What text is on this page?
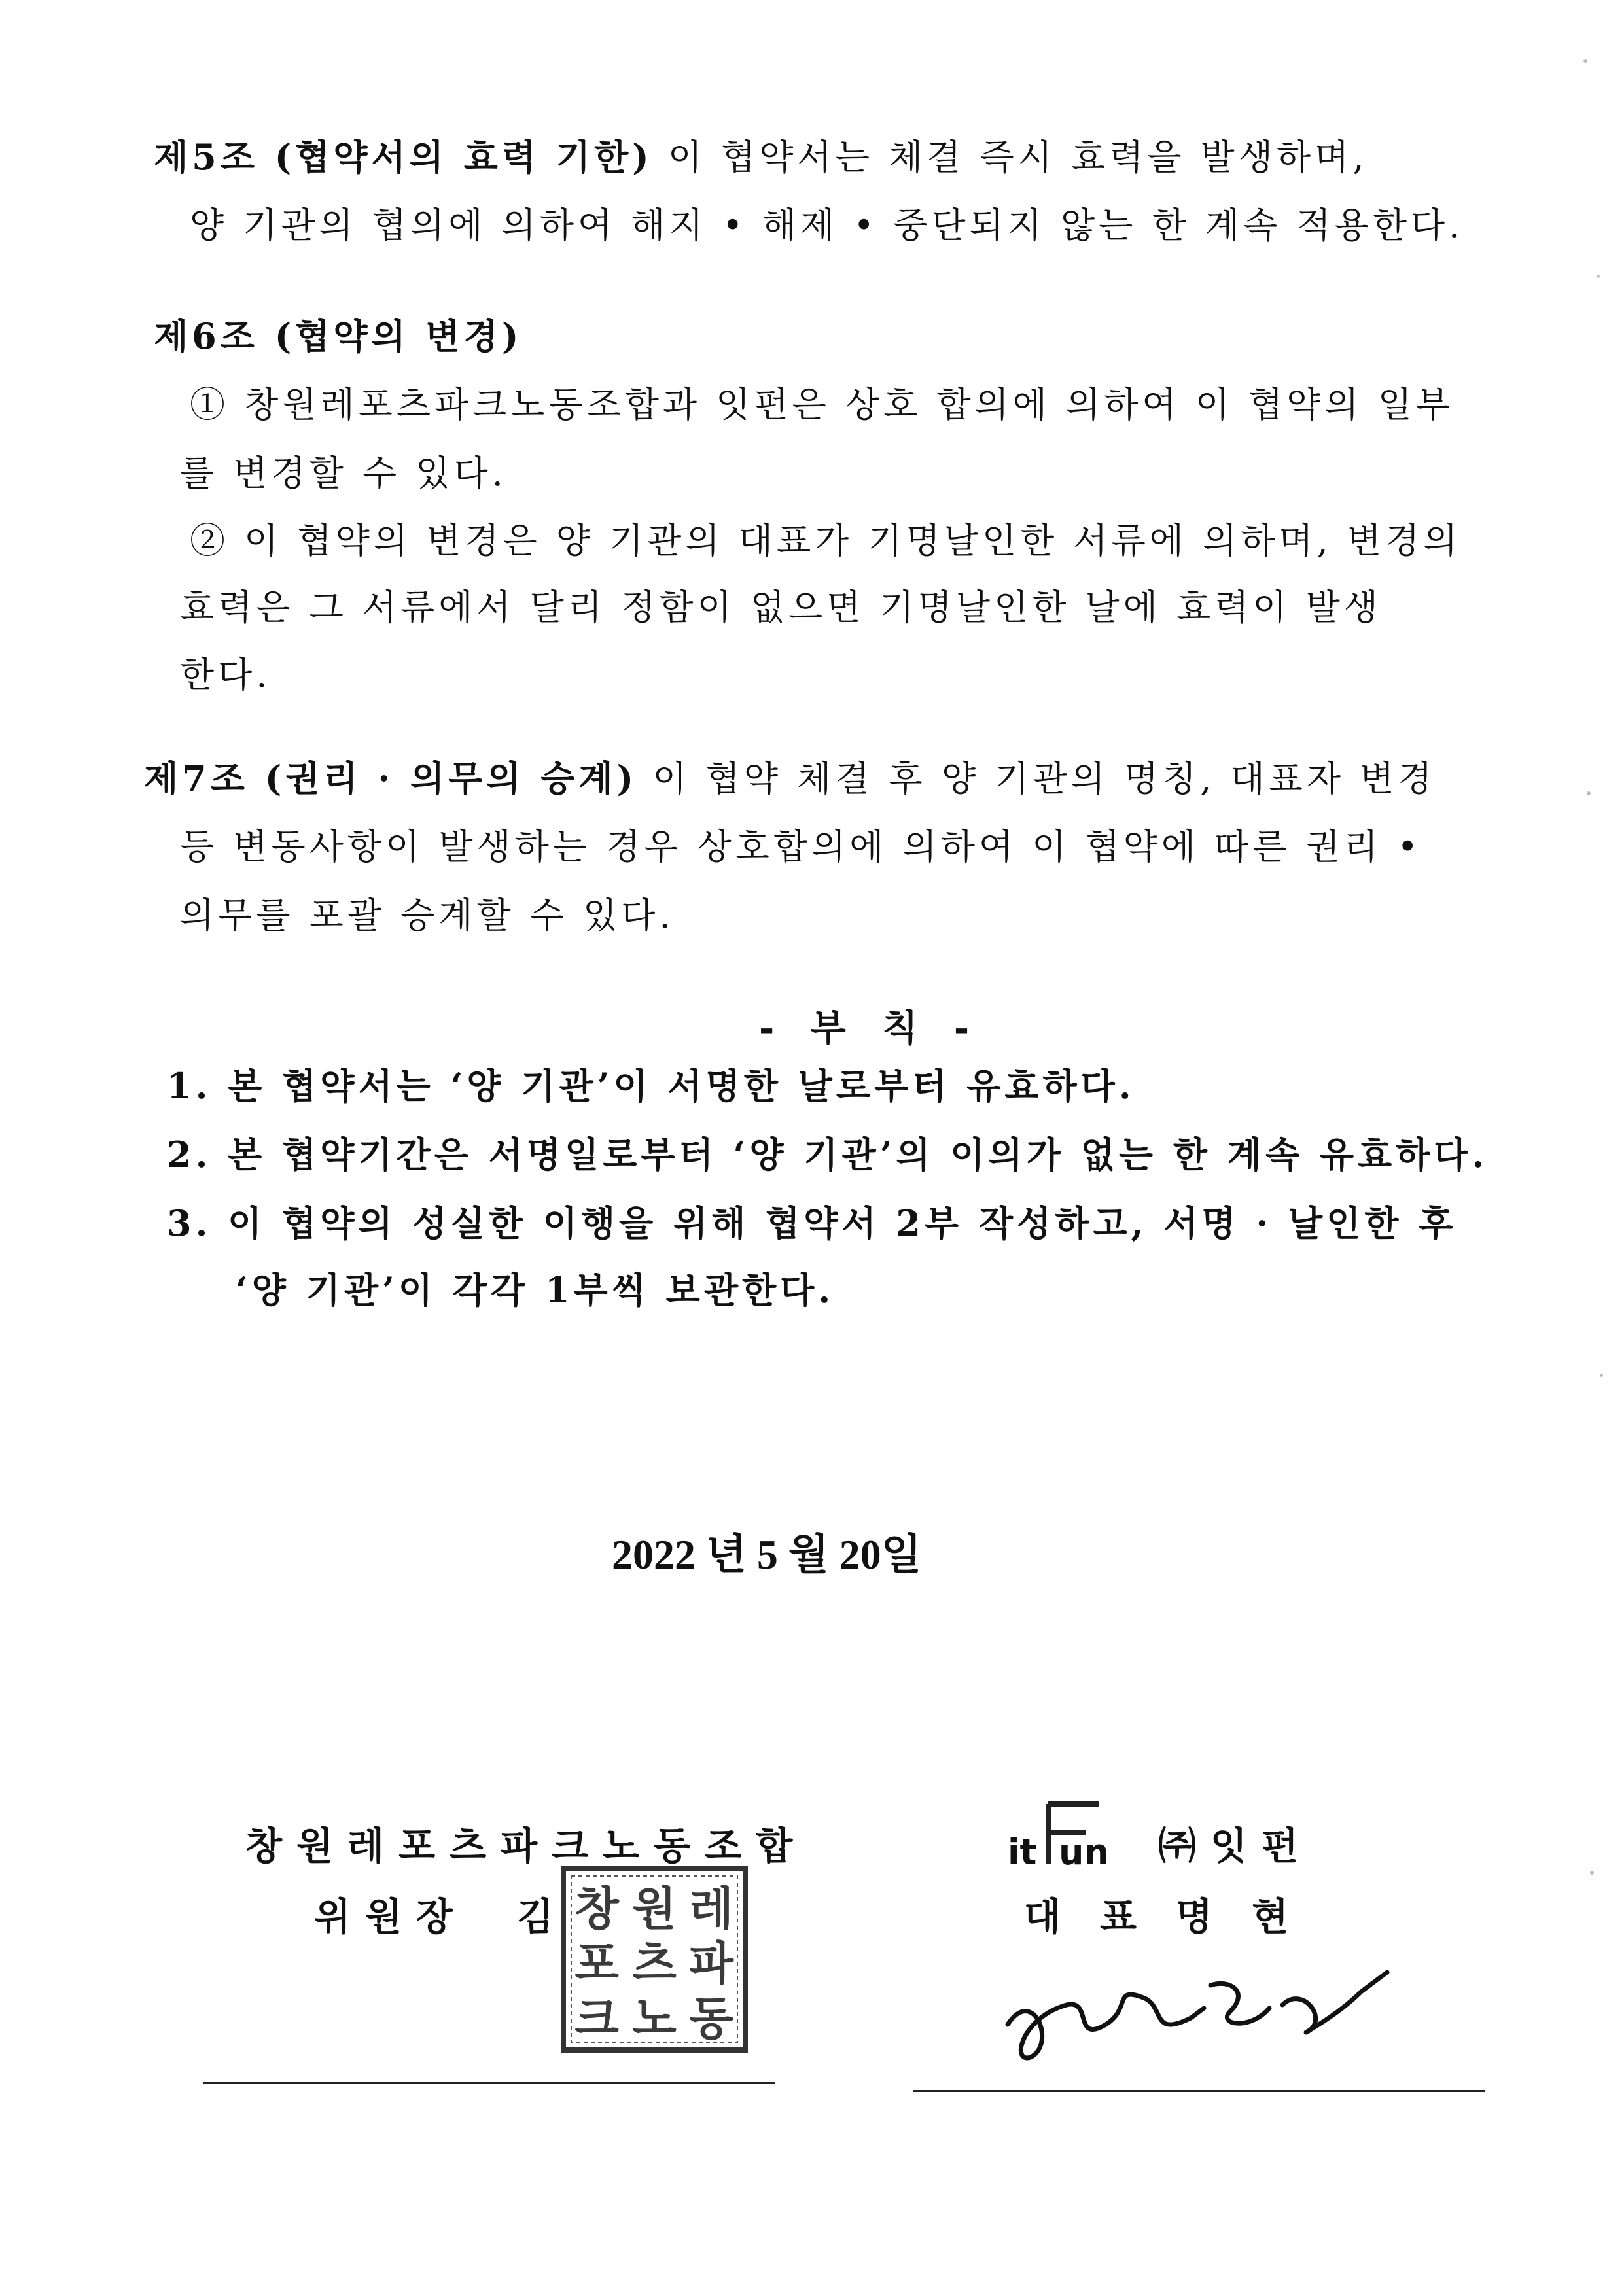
제5조 (협약서의 효력 기한) 이 협약서는 체결 즉시 효력을 발생하며,
양 기관의 협의에 의하여 해지 • 해제 • 중단되지 않는 한 계속 적용한다.
제6조 (협약의 변경)
① 창원레포츠파크노동조합과 잇펀은 상호 합의에 의하여 이 협약의 일부
를 변경할 수 있다.
② 이 협약의 변경은 양 기관의 대표가 기명날인한 서류에 의하며, 변경의
효력은 그 서류에서 달리 정함이 없으면 기명날인한 날에 효력이 발생
한다.
제7조 (권리 · 의무의 승계) 이 협약 체결 후 양 기관의 명칭, 대표자 변경
등 변동사항이 발생하는 경우 상호합의에 의하여 이 협약에 따른 권리 •
의무를 포괄 승계할 수 있다.
- 부 칙 -
1. 본 협약서는 ‘양 기관’이 서명한 날로부터 유효하다.
2. 본 협약기간은 서명일로부터 ‘양 기관’의 이의가 없는 한 계속 유효하다.
3. 이 협약의 성실한 이행을 위해 협약서 2부 작성하고, 서명 · 날인한 후
‘양 기관’이 각각 1부씩 보관한다.
2022 년 5 월 20일
창원레포츠파크노동조합
위원장 김 창 원 레
포 츠 파
크 노 동
it un ㈜잇펀
대표명현
